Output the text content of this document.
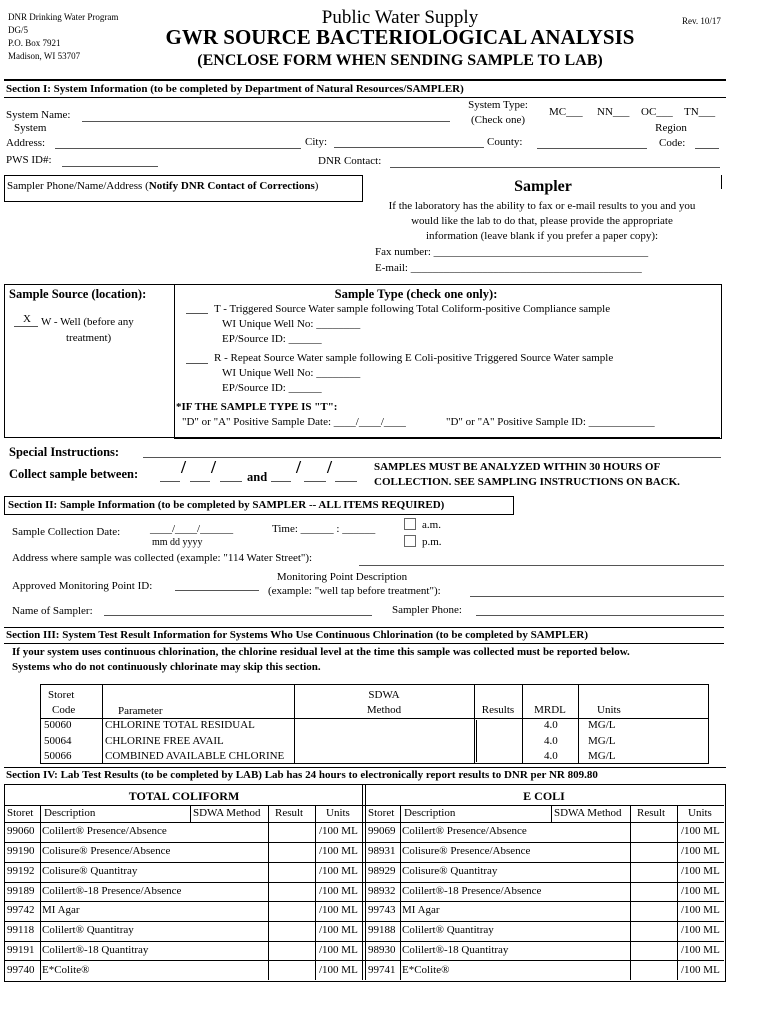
DNR Drinking Water Program
DG/5
P.O. Box 7921
Madison, WI 53707
Public Water Supply
GWR SOURCE BACTERIOLOGICAL ANALYSIS
(ENCLOSE FORM WHEN SENDING SAMPLE TO LAB)
Rev. 10/17
Section I: System Information (to be completed by Department of Natural Resources/SAMPLER)
System Name:
System Type:
(Check one)
MC___ NN___ OC___ TN___
System
Address:	City:	County:
Region
Code:
PWS ID#:	DNR Contact:
Sampler Phone/Name/Address (Notify DNR Contact of Corrections)	Sampler
If the laboratory has the ability to fax or e-mail results to you and you
would like the lab to do that, please provide the appropriate
information (leave blank if you prefer a paper copy):
Fax number: _______________________________________
E-mail: __________________________________________
Sample Source (location):
X W - Well (before any
treatment)
Sample Type (check one only):
T - Triggered Source Water sample following Total Coliform-positive Compliance sample
WI Unique Well No: ________
EP/Source ID: ______
R - Repeat Source Water sample following E Coli-positive Triggered Source Water sample
WI Unique Well No: ________
EP/Source ID: ______
*IF THE SAMPLE TYPE IS "T":
"D" or "A" Positive Sample Date: ____/____/____	"D" or "A" Positive Sample ID: ____________
Special Instructions:
Collect sample between: / / and / /	SAMPLES MUST BE ANALYZED WITHIN 30 HOURS OF
COLLECTION. SEE SAMPLING INSTRUCTIONS ON BACK.
Section II: Sample Information (to be completed by SAMPLER -- ALL ITEMS REQUIRED)
Sample Collection Date:	____/____/______
mm dd yyyy
Time: ______ : ______	a.m.
p.m.
Address where sample was collected (example: "114 Water Street"):
Approved Monitoring Point ID:
Monitoring Point Description
(example: "well tap before treatment"):
Name of Sampler:	Sampler Phone:
Section III: System Test Result Information for Systems Who Use Continuous Chlorination (to be completed by SAMPLER)
If your system uses continuous chlorination, the chlorine residual level at the time this sample was collected must be reported below.
Systems who do not continuously chlorinate may skip this section.
Storet
Code	Parameter
SDWA
Method	Results	MRDL	Units
50060	CHLORINE TOTAL RESIDUAL	4.0	MG/L
50064	CHLORINE FREE AVAIL	4.0	MG/L
50066	COMBINED AVAILABLE CHLORINE	4.0	MG/L
Section IV: Lab Test Results (to be completed by LAB) Lab has 24 hours to electronically report results to DNR per NR 809.80
TOTAL COLIFORM	E COLI
Storet Description	SDWA Method Result Units Storet Description	SDWA Method Result Units
99060 Colilert® Presence/Absence	/100 ML 99069 Colilert® Presence/Absence	/100 ML
99190 Colisure® Presence/Absence	/100 ML 98931 Colisure® Presence/Absence	/100 ML
99192 Colisure® Quantitray	/100 ML 98929 Colisure® Quantitray	/100 ML
99189 Colilert®-18 Presence/Absence	/100 ML 98932 Colilert®-18 Presence/Absence	/100 ML
99742 MI Agar	/100 ML 99743 MI Agar	/100 ML
99118 Colilert® Quantitray	/100 ML 99188 Colilert® Quantitray	/100 ML
99191 Colilert®-18 Quantitray	/100 ML 98930 Colilert®-18 Quantitray	/100 ML
99740 E*Colite®	/100 ML 99741 E*Colite®	/100 ML
